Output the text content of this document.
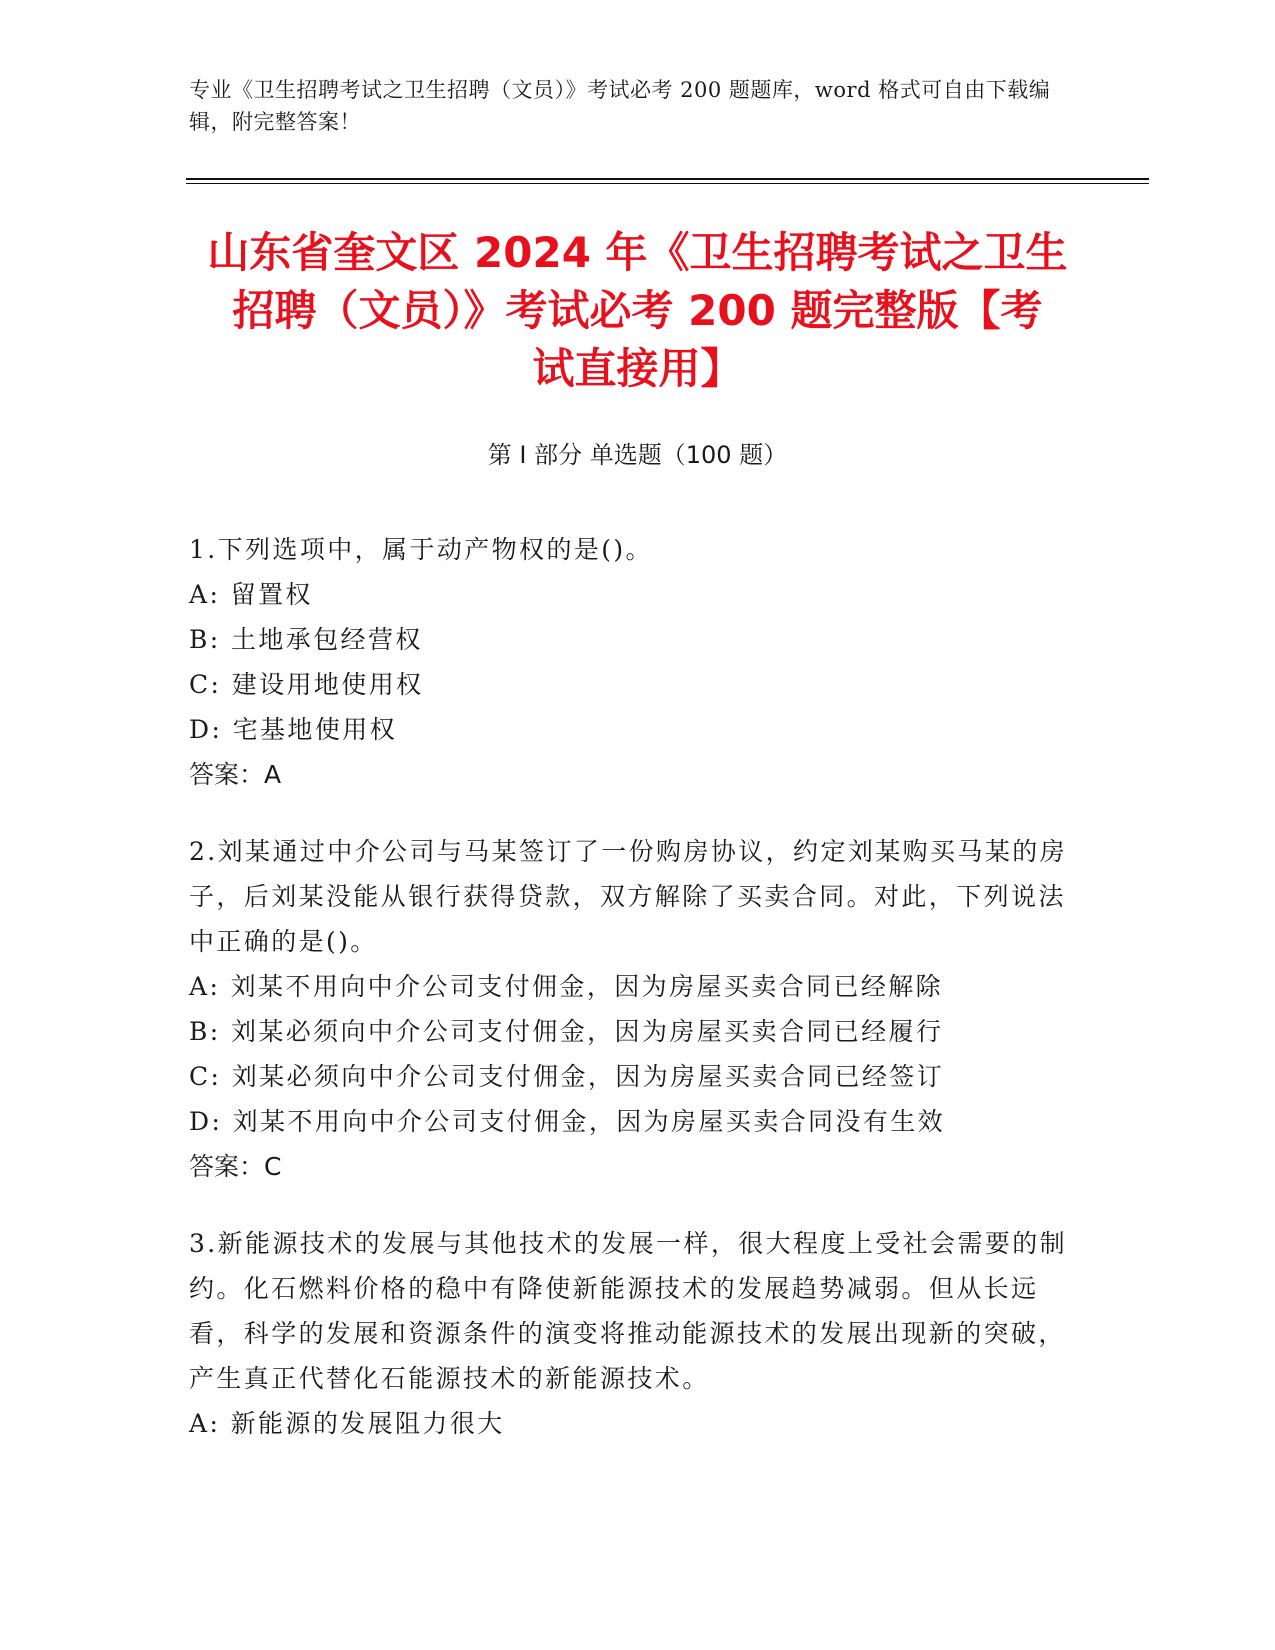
专业《卫生招聘考试之卫生招聘（文员）》考试必考 200 题题库，word 格式可自由下载编辑，附完整答案！
山东省奎文区 2024 年《卫生招聘考试之卫生
招聘（文员）》考试必考 200 题完整版【考
试直接用】
第 I 部分 单选题（100 题）

1.下列选项中，属于动产物权的是()。

A: 留置权

B: 土地承包经营权

C: 建设用地使用权

D: 宅基地使用权

答案：A

2.刘某通过中介公司与马某签订了一份购房协议，约定刘某购买马某的房子，后刘某没能从银行获得贷款，双方解除了买卖合同。对此，下列说法中正确的是()。

A: 刘某不用向中介公司支付佣金，因为房屋买卖合同已经解除

B: 刘某必须向中介公司支付佣金，因为房屋买卖合同已经履行

C: 刘某必须向中介公司支付佣金，因为房屋买卖合同已经签订

D: 刘某不用向中介公司支付佣金，因为房屋买卖合同没有生效

答案：C

3.新能源技术的发展与其他技术的发展一样，很大程度上受社会需要的制约。化石燃料价格的稳中有降使新能源技术的发展趋势减弱。但从长远看，科学的发展和资源条件的演变将推动能源技术的发展出现新的突破，产生真正代替化石能源技术的新能源技术。

A: 新能源的发展阻力很大
